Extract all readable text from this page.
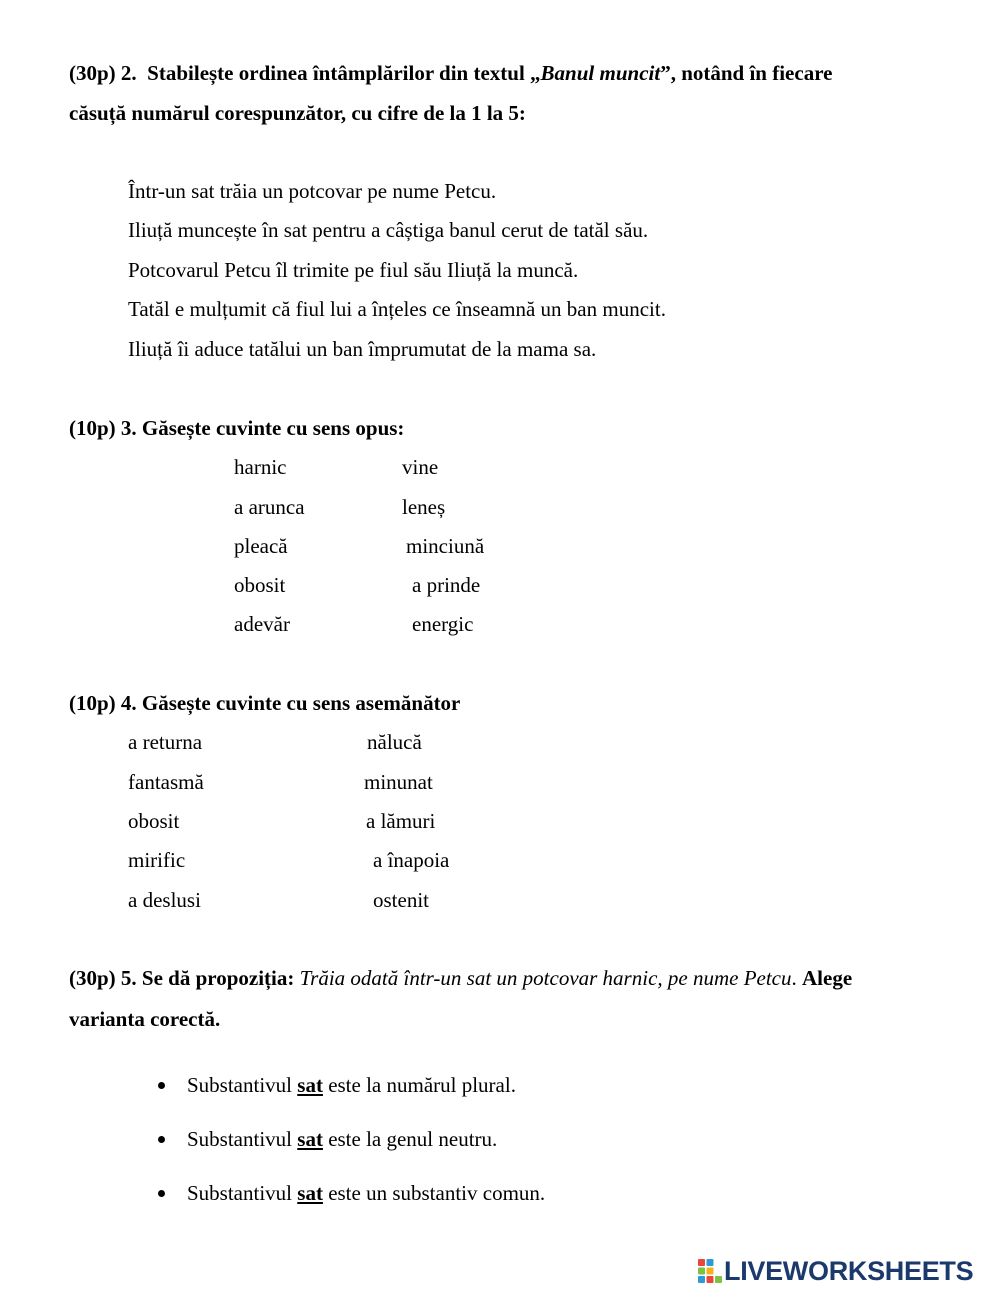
(30p) 2. Stabilește ordinea întâmplărilor din textul „Banul muncit”, notând în fiecare
căsuță numărul corespunzător, cu cifre de la 1 la 5:
Într-un sat trăia un potcovar pe nume Petcu.
Iliuță muncește în sat pentru a câștiga banul cerut de tatăl său.
Potcovarul Petcu îl trimite pe fiul său Iliuță la muncă.
Tatăl e mulțumit că fiul lui a înțeles ce înseamnă un ban muncit.
Iliuță îi aduce tatălui un ban împrumutat de la mama sa.
(10p) 3. Găsește cuvinte cu sens opus:
harnic
a arunca
pleacă
obosit
adevăr
vine
leneș
minciună
a prinde
energic
(10p) 4. Găsește cuvinte cu sens asemănător
a returna
fantasmă
obosit
mirific
a deslusi
nălucă
minunat
a lămuri
a înapoia
ostenit
(30p) 5. Se dă propoziția: Trăia odată într-un sat un potcovar harnic, pe nume Petcu. Alege
varianta corectă.
Substantivul sat este la numărul plural.
Substantivul sat este la genul neutru.
Substantivul sat este un substantiv comun.
LIVEWORKSHEETS
